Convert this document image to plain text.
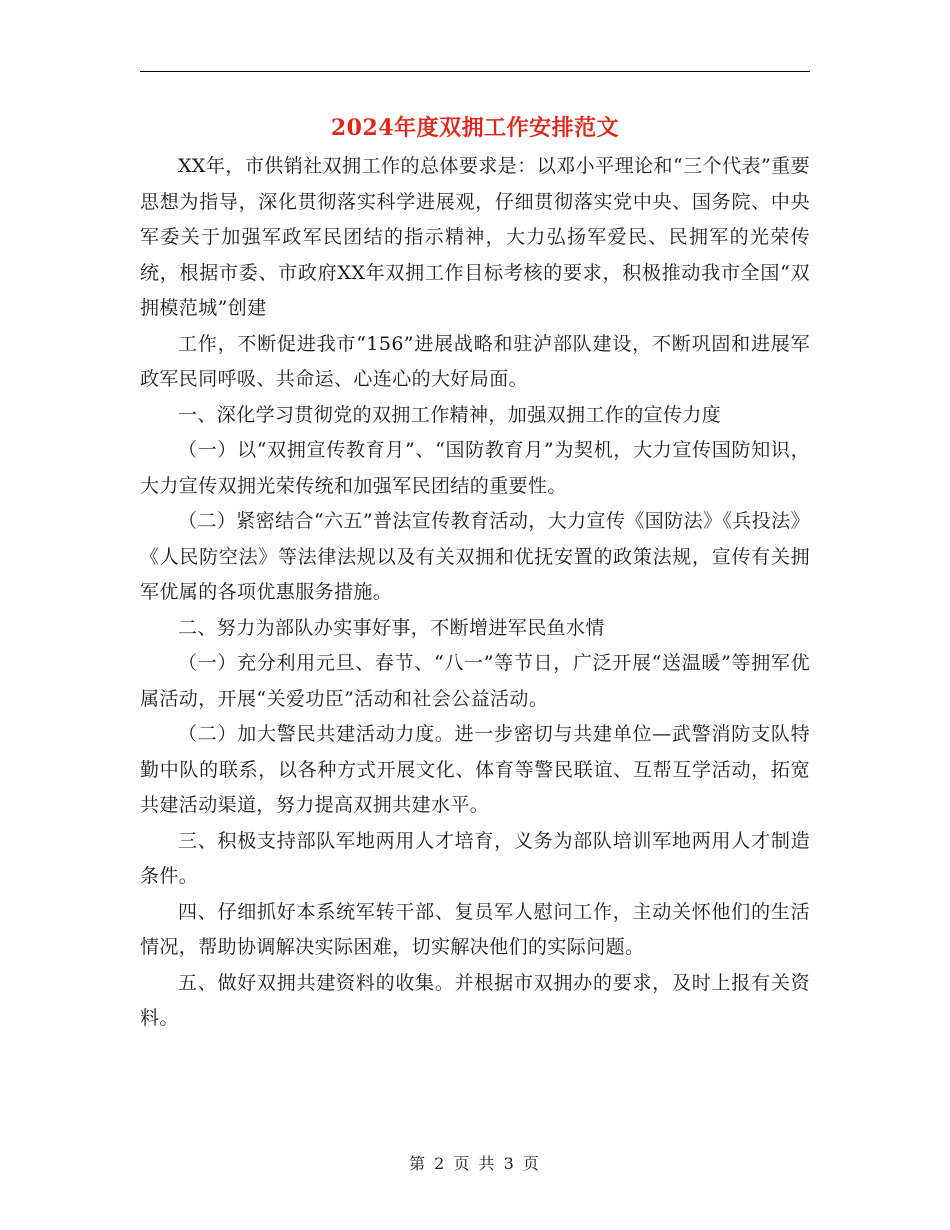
2024年度双拥工作安排范文

XX年，市供销社双拥工作的总体要求是：以邓小平理论和“三个代表”重要思想为指导，深化贯彻落实科学进展观，仔细贯彻落实党中央、国务院、中央军委关于加强军政军民团结的指示精神，大力弘扬军爱民、民拥军的光荣传统，根据市委、市政府XX年双拥工作目标考核的要求，积极推动我市全国“双拥模范城”创建

工作，不断促进我市“156”进展战略和驻泸部队建设，不断巩固和进展军政军民同呼吸、共命运、心连心的大好局面。

一、深化学习贯彻党的双拥工作精神，加强双拥工作的宣传力度

（一）以“双拥宣传教育月”、“国防教育月”为契机，大力宣传国防知识，大力宣传双拥光荣传统和加强军民团结的重要性。

（二）紧密结合“六五”普法宣传教育活动，大力宣传《国防法》《兵投法》《人民防空法》等法律法规以及有关双拥和优抚安置的政策法规，宣传有关拥军优属的各项优惠服务措施。

二、努力为部队办实事好事，不断增进军民鱼水情

（一）充分利用元旦、春节、“八一”等节日，广泛开展“送温暖”等拥军优属活动，开展“关爱功臣”活动和社会公益活动。

（二）加大警民共建活动力度。进一步密切与共建单位—武警消防支队特勤中队的联系，以各种方式开展文化、体育等警民联谊、互帮互学活动，拓宽共建活动渠道，努力提高双拥共建水平。

三、积极支持部队军地两用人才培育，义务为部队培训军地两用人才制造条件。

四、仔细抓好本系统军转干部、复员军人慰问工作，主动关怀他们的生活情况，帮助协调解决实际困难，切实解决他们的实际问题。

五、做好双拥共建资料的收集。并根据市双拥办的要求，及时上报有关资料。

第 2 页 共 3 页
